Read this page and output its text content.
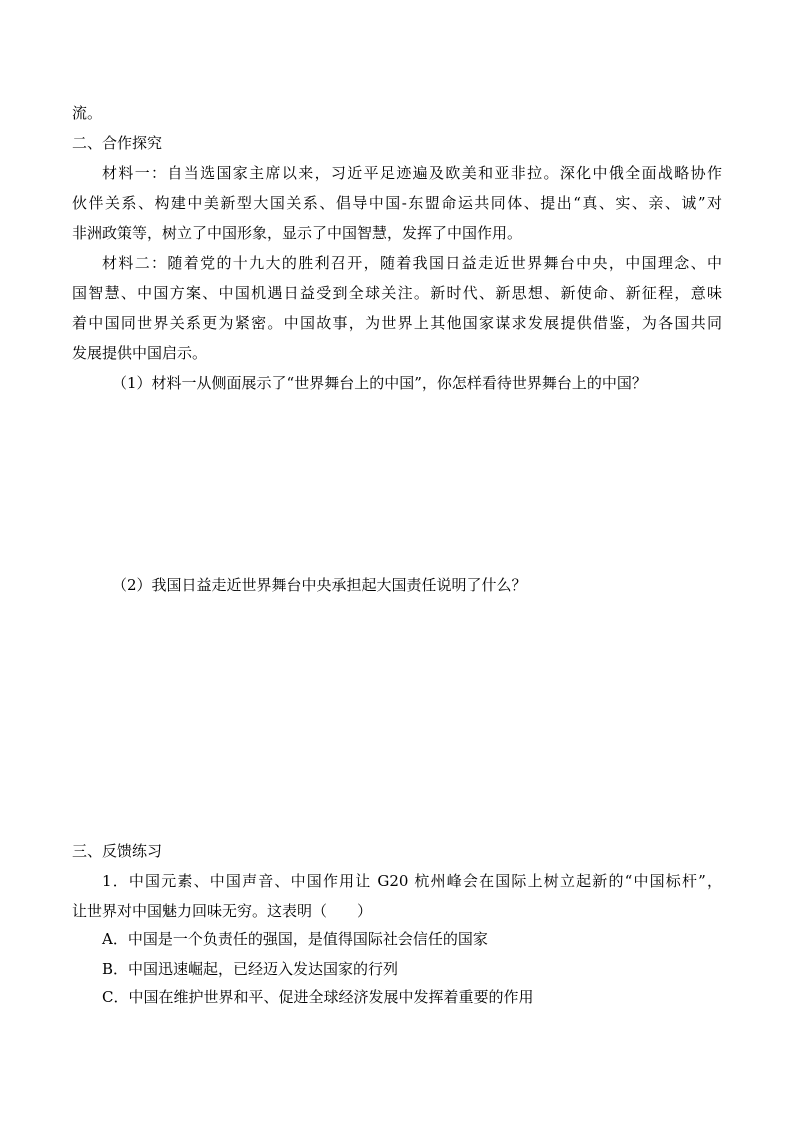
流。
二、合作探究
材料一：自当选国家主席以来，习近平足迹遍及欧美和亚非拉。深化中俄全面战略协作
伙伴关系、构建中美新型大国关系、倡导中国-东盟命运共同体、提出“真、实、亲、诚”对
非洲政策等，树立了中国形象，显示了中国智慧，发挥了中国作用。
材料二：随着党的十九大的胜利召开，随着我国日益走近世界舞台中央，中国理念、中
国智慧、中国方案、中国机遇日益受到全球关注。新时代、新思想、新使命、新征程，意味
着中国同世界关系更为紧密。中国故事，为世界上其他国家谋求发展提供借鉴，为各国共同
发展提供中国启示。
（1）材料一从侧面展示了“世界舞台上的中国”，你怎样看待世界舞台上的中国？
（2）我国日益走近世界舞台中央承担起大国责任说明了什么？
三、反馈练习
1．中国元素、中国声音、中国作用让 G20 杭州峰会在国际上树立起新的“中国标杆”，
让世界对中国魅力回味无穷。这表明（　　）
A．中国是一个负责任的强国，是值得国际社会信任的国家
B．中国迅速崛起，已经迈入发达国家的行列
C．中国在维护世界和平、促进全球经济发展中发挥着重要的作用
